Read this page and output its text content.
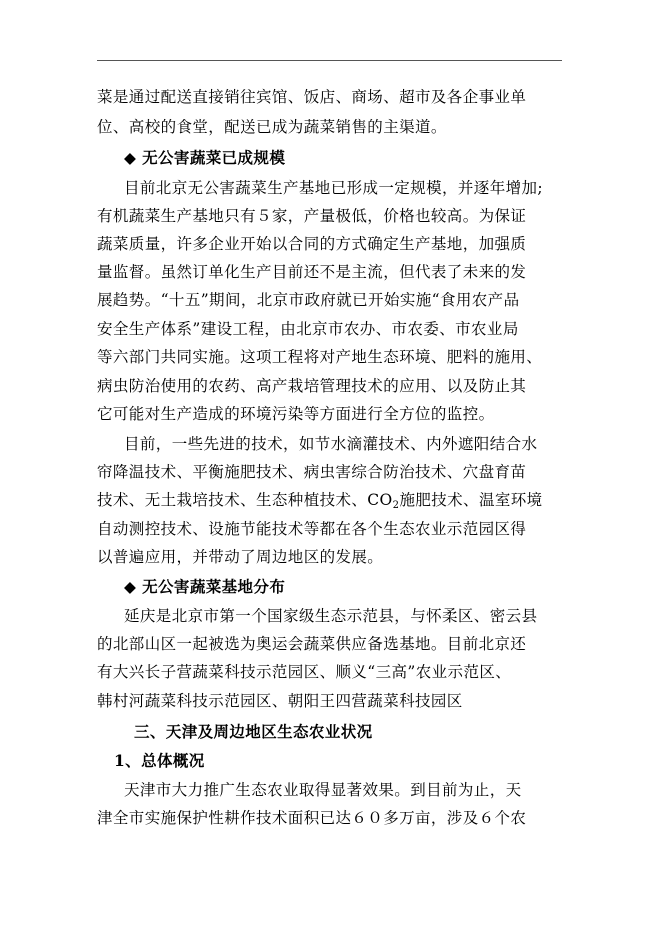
菜是通过配送直接销往宾馆、饭店、商场、超市及各企事业单
位、高校的食堂，配送已成为蔬菜销售的主渠道。
◆ 无公害蔬菜已成规模
目前北京无公害蔬菜生产基地已形成一定规模，并逐年增加;
有机蔬菜生产基地只有５家，产量极低，价格也较高。为保证
蔬菜质量，许多企业开始以合同的方式确定生产基地，加强质
量监督。虽然订单化生产目前还不是主流，但代表了未来的发
展趋势。“十五”期间，北京市政府就已开始实施“食用农产品
安全生产体系”建设工程，由北京市农办、市农委、市农业局
等六部门共同实施。这项工程将对产地生态环境、肥料的施用、
病虫防治使用的农药、高产栽培管理技术的应用、以及防止其
它可能对生产造成的环境污染等方面进行全方位的监控。
目前，一些先进的技术，如节水滴灌技术、内外遮阳结合水
帘降温技术、平衡施肥技术、病虫害综合防治技术、穴盘育苗
技术、无土栽培技术、生态种植技术、$CO_2$施肥技术、温室环境
自动测控技术、设施节能技术等都在各个生态农业示范园区得
以普遍应用，并带动了周边地区的发展。
◆ 无公害蔬菜基地分布
延庆是北京市第一个国家级生态示范县，与怀柔区、密云县
的北部山区一起被选为奥运会蔬菜供应备选基地。目前北京还
有大兴长子营蔬菜科技示范园区、顺义“三高”农业示范区、
韩村河蔬菜科技示范园区、朝阳王四营蔬菜科技园区
三、天津及周边地区生态农业状况
1、总体概况
天津市大力推广生态农业取得显著效果。到目前为止，天
津全市实施保护性耕作技术面积已达６０多万亩，涉及６个农
